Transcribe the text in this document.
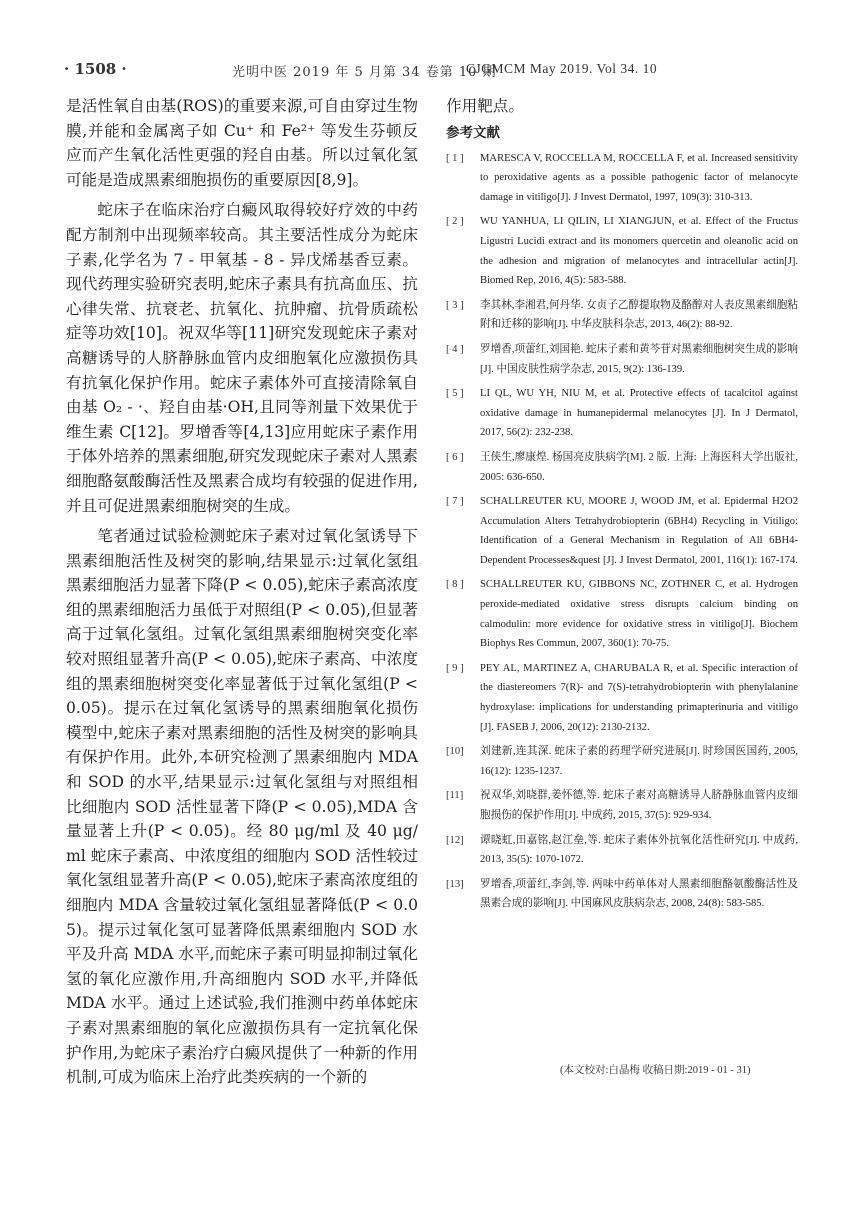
· 1508 ·	光明中医 2019 年 5 月第 34 卷第 10 期
CJGMCM May 2019. Vol 34. 10

是活性氧自由基(ROS)的重要来源,可自由穿过生物膜,并能和金属离子如 Cu⁺ 和 Fe²⁺ 等发生芬顿反应而产生氧化活性更强的羟自由基。所以过氧化氢可能是造成黑素细胞损伤的重要原因[8,9]。

蛇床子在临床治疗白癜风取得较好疗效的中药配方制剂中出现频率较高。其主要活性成分为蛇床子素,化学名为 7 - 甲氧基 - 8 - 异戊烯基香豆素。现代药理实验研究表明,蛇床子素具有抗高血压、抗心律失常、抗衰老、抗氧化、抗肿瘤、抗骨质疏松症等功效[10]。祝双华等[11]研究发现蛇床子素对高糖诱导的人脐静脉血管内皮细胞氧化应激损伤具有抗氧化保护作用。蛇床子素体外可直接清除氧自由基 O₂ - ·、羟自由基·OH,且同等剂量下效果优于维生素 C[12]。罗增香等[4,13]应用蛇床子素作用于体外培养的黑素细胞,研究发现蛇床子素对人黑素细胞酪氨酸酶活性及黑素合成均有较强的促进作用,并且可促进黑素细胞树突的生成。

笔者通过试验检测蛇床子素对过氧化氢诱导下黑素细胞活性及树突的影响,结果显示:过氧化氢组黑素细胞活力显著下降(P < 0.05),蛇床子素高浓度组的黑素细胞活力虽低于对照组(P < 0.05),但显著高于过氧化氢组。过氧化氢组黑素细胞树突变化率较对照组显著升高(P < 0.05),蛇床子素高、中浓度组的黑素细胞树突变化率显著低于过氧化氢组(P < 0.05)。提示在过氧化氢诱导的黑素细胞氧化损伤模型中,蛇床子素对黑素细胞的活性及树突的影响具有保护作用。此外,本研究检测了黑素细胞内 MDA 和 SOD 的水平,结果显示:过氧化氢组与对照组相比细胞内 SOD 活性显著下降(P < 0.05),MDA 含量显著上升(P < 0.05)。经 80 μg/ml 及 40 μg/ml 蛇床子素高、中浓度组的细胞内 SOD 活性较过氧化氢组显著升高(P < 0.05),蛇床子素高浓度组的细胞内 MDA 含量较过氧化氢组显著降低(P < 0.05)。提示过氧化氢可显著降低黑素细胞内 SOD 水平及升高 MDA 水平,而蛇床子素可明显抑制过氧化氢的氧化应激作用,升高细胞内 SOD 水平,并降低 MDA 水平。通过上述试验,我们推测中药单体蛇床子素对黑素细胞的氧化应激损伤具有一定抗氧化保护作用,为蛇床子素治疗白癜风提供了一种新的作用机制,可成为临床上治疗此类疾病的一个新的

作用靶点。

参考文献
[ 1 ]	MARESCA V, ROCCELLA M, ROCCELLA F, et al. Increased sensitivity to peroxidative agents as a possible pathogenic factor of melanocyte damage in vitiligo[J]. J Invest Dermatol, 1997, 109(3): 310-313.
[ 2 ]	WU YANHUA, LI QILIN, LI XIANGJUN, et al. Effect of the Fructus Ligustri Lucidi extract and its monomers quercetin and oleanolic acid on the adhesion and migration of melanocytes and intracellular actin[J]. Biomed Rep, 2016, 4(5): 583-588.
[ 3 ]	李其林,李湘君,何丹华. 女贞子乙醇提取物及酪醇对人表皮黑素细胞粘附和迁移的影响[J]. 中华皮肤科杂志, 2013, 46(2): 88-92.
[ 4 ]	罗增香,项蕾红,刘国艳. 蛇床子素和黄芩苷对黑素细胞树突生成的影响[J]. 中国皮肤性病学杂志, 2015, 9(2): 136-139.
[ 5 ]	LI QL, WU YH, NIU M, et al. Protective effects of tacalcitol against oxidative damage in humanepidermal melanocytes [J]. In J Dermatol, 2017, 56(2): 232-238.
[ 6 ]	王侠生,廖康煌. 杨国亮皮肤病学[M]. 2 版. 上海: 上海医科大学出版社, 2005: 636-650.
[ 7 ]	SCHALLREUTER KU, MOORE J, WOOD JM, et al. Epidermal H2O2 Accumulation Alters Tetrahydrobiopterin (6BH4) Recycling in Vitiligo: Identification of a General Mechanism in Regulation of All 6BH4-Dependent Processes&quest [J]. J Invest Dermatol, 2001, 116(1): 167-174.
[ 8 ]	SCHALLREUTER KU, GIBBONS NC, ZOTHNER C, et al. Hydrogen peroxide-mediated oxidative stress disrupts calcium binding on calmodulin: more evidence for oxidative stress in vitiligo[J]. Biochem Biophys Res Commun, 2007, 360(1): 70-75.
[ 9 ]	PEY AL, MARTINEZ A, CHARUBALA R, et al. Specific interaction of the diastereomers 7(R)- and 7(S)-tetrahydrobiopterin with phenylalanine hydroxylase: implications for understanding primapterinuria and vitiligo [J]. FASEB J, 2006, 20(12): 2130-2132.
[10]	刘建新,连其深. 蛇床子素的药理学研究进展[J]. 时珍国医国药, 2005, 16(12): 1235-1237.
[11]	祝双华,刘晓群,姜怀德,等. 蛇床子素对高糖诱导人脐静脉血管内皮细胞损伤的保护作用[J]. 中成药, 2015, 37(5): 929-934.
[12]	谭晓虹,田嘉铭,赵江垒,等. 蛇床子素体外抗氧化活性研究[J]. 中成药, 2013, 35(5): 1070-1072.
[13]	罗增香,项蕾红,李剑,等. 两味中药单体对人黑素细胞酪氨酸酶活性及黑素合成的影响[J]. 中国麻风皮肤病杂志, 2008, 24(8): 583-585.
(本文校对:白晶梅 收稿日期:2019 - 01 - 31)
